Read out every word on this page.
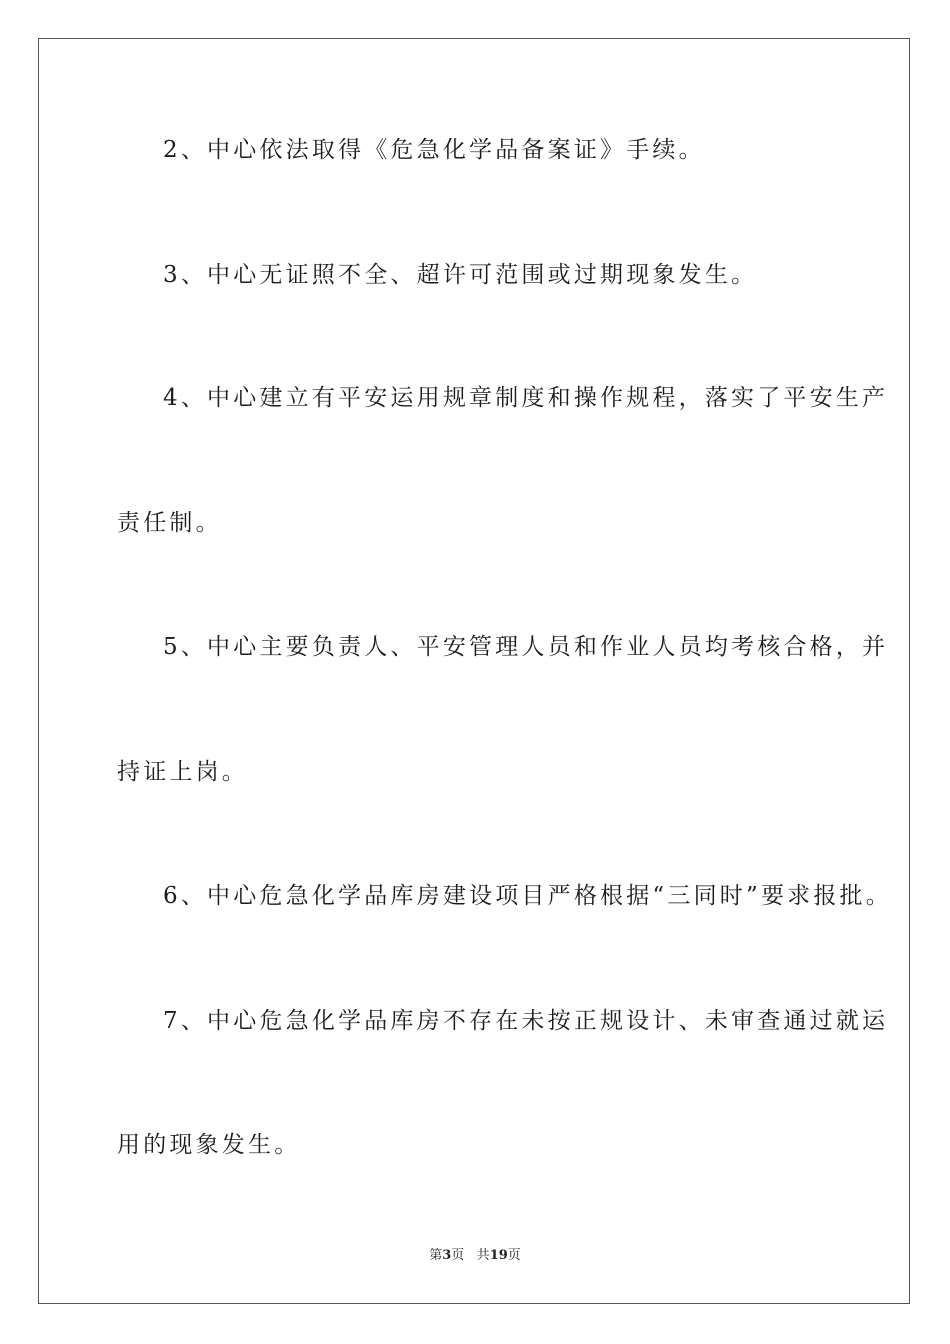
2、中心依法取得《危急化学品备案证》手续。
3、中心无证照不全、超许可范围或过期现象发生。
4、中心建立有平安运用规章制度和操作规程，落实了平安生产
责任制。
5、中心主要负责人、平安管理人员和作业人员均考核合格，并
持证上岗。
6、中心危急化学品库房建设项目严格根据“三同时”要求报批。
7、中心危急化学品库房不存在未按正规设计、未审查通过就运
用的现象发生。
第3页 共19页
